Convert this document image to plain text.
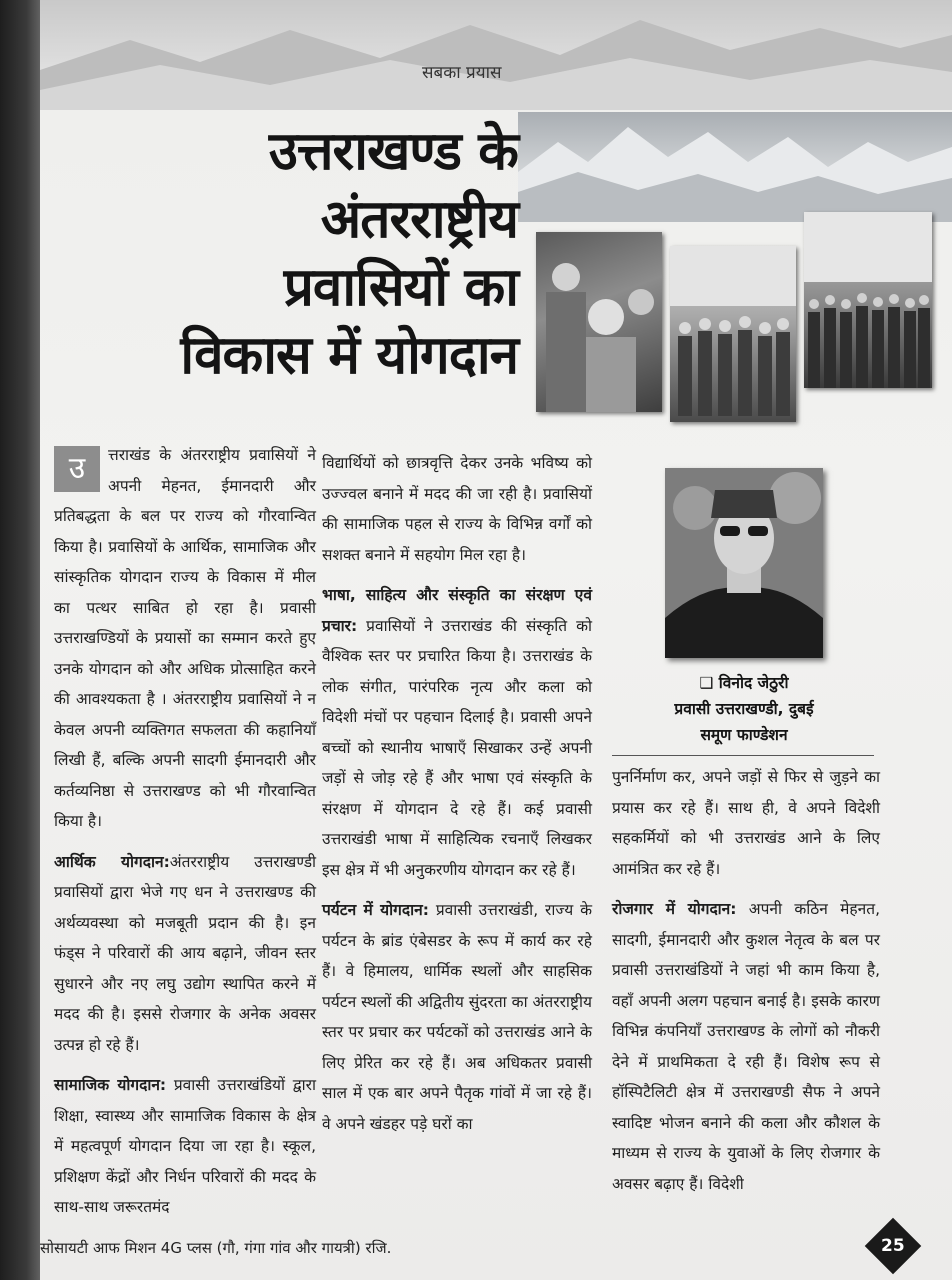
सबका प्रयास
उत्तराखण्ड के
अंतरराष्ट्रीय
प्रवासियों का
विकास में योगदान

उ	त्तराखंड के अंतरराष्ट्रीय प्रवासियों ने अपनी मेहनत, ईमानदारी और प्रतिबद्धता के बल पर राज्य को गौरवान्वित किया है। प्रवासियों के आर्थिक, सामाजिक और सांस्कृतिक योगदान राज्य के विकास में मील का पत्थर साबित हो रहा है। प्रवासी उत्तराखण्डियों के प्रयासों का सम्मान करते हुए उनके योगदान को और अधिक प्रोत्साहित करने की आवश्यकता है । अंतरराष्ट्रीय प्रवासियों ने न केवल अपनी व्यक्तिगत सफलता की कहानियाँ लिखी हैं, बल्कि अपनी सादगी ईमानदारी और कर्तव्यनिष्ठा से उत्तराखण्ड को भी गौरवान्वित किया है।

आर्थिक योगदान:अंतरराष्ट्रीय उत्तराखण्डी प्रवासियों द्वारा भेजे गए धन ने उत्तराखण्ड की अर्थव्यवस्था को मजबूती प्रदान की है। इन फंड्स ने परिवारों की आय बढ़ाने, जीवन स्तर सुधारने और नए लघु उद्योग स्थापित करने में मदद की है। इससे रोजगार के अनेक अवसर उत्पन्न हो रहे हैं।

सामाजिक योगदान: प्रवासी उत्तराखंडियों द्वारा शिक्षा, स्वास्थ्य और सामाजिक विकास के क्षेत्र में महत्वपूर्ण योगदान दिया जा रहा है। स्कूल, प्रशिक्षण केंद्रों और निर्धन परिवारों की मदद के साथ-साथ जरूरतमंद

विद्यार्थियों को छात्रवृत्ति देकर उनके भविष्य को उज्ज्वल बनाने में मदद की जा रही है। प्रवासियों की सामाजिक पहल से राज्य के विभिन्न वर्गों को सशक्त बनाने में सहयोग मिल रहा है।

भाषा, साहित्य और संस्कृति का संरक्षण एवं प्रचार: प्रवासियों ने उत्तराखंड की संस्कृति को वैश्विक स्तर पर प्रचारित किया है। उत्तराखंड के लोक संगीत, पारंपरिक नृत्य और कला को विदेशी मंचों पर पहचान दिलाई है। प्रवासी अपने बच्चों को स्थानीय भाषाएँ सिखाकर उन्हें अपनी जड़ों से जोड़ रहे हैं और भाषा एवं संस्कृति के संरक्षण में योगदान दे रहे हैं। कई प्रवासी उत्तराखंडी भाषा में साहित्यिक रचनाएँ लिखकर इस क्षेत्र में भी अनुकरणीय योगदान कर रहे हैं।

पर्यटन में योगदान: प्रवासी उत्तराखंडी, राज्य के पर्यटन के ब्रांड एंबेसडर के रूप में कार्य कर रहे हैं। वे हिमालय, धार्मिक स्थलों और साहसिक पर्यटन स्थलों की अद्वितीय सुंदरता का अंतरराष्ट्रीय स्तर पर प्रचार कर पर्यटकों को उत्तराखंड आने के लिए प्रेरित कर रहे हैं। अब अधिकतर प्रवासी साल में एक बार अपने पैतृक गांवों में जा रहे हैं। वे अपने खंडहर पड़े घरों का

❑ विनोद जेठुरी
प्रवासी उत्तराखण्डी, दुबई
समूण फाण्डेशन

पुनर्निर्माण कर, अपने जड़ों से फिर से जुड़ने का प्रयास कर रहे हैं। साथ ही, वे अपने विदेशी सहकर्मियों को भी उत्तराखंड आने के लिए आमंत्रित कर रहे हैं।

रोजगार में योगदान: अपनी कठिन मेहनत, सादगी, ईमानदारी और कुशल नेतृत्व के बल पर प्रवासी उत्तराखंडियों ने जहां भी काम किया है, वहाँ अपनी अलग पहचान बनाई है। इसके कारण विभिन्न कंपनियाँ उत्तराखण्ड के लोगों को नौकरी देने में प्राथमिकता दे रही हैं। विशेष रूप से हॉस्पिटैलिटी क्षेत्र में उत्तराखण्डी सैफ ने अपने स्वादिष्ट भोजन बनाने की कला और कौशल के माध्यम से राज्य के युवाओं के लिए रोजगार के अवसर बढ़ाए हैं। विदेशी

सोसायटी आफ मिशन 4G प्लस (गौ, गंगा गांव और गायत्री) रजि.	25
